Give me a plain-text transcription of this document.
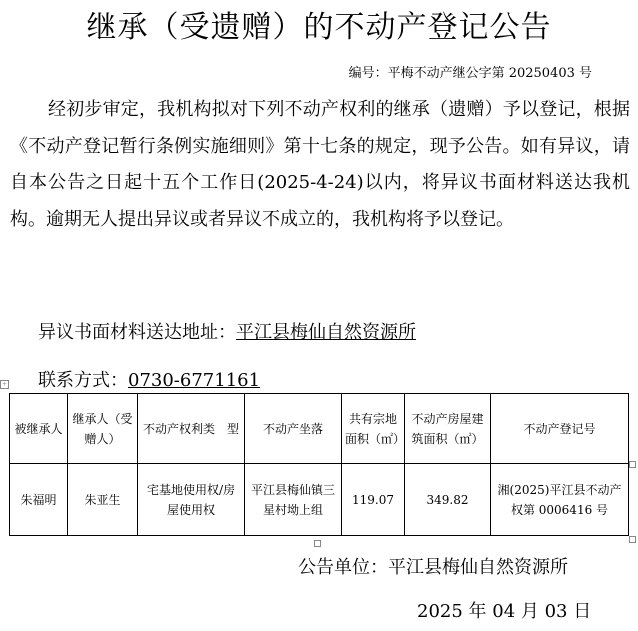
继承（受遗赠）的不动产登记公告
编号：平梅不动产继公字第 20250403 号

经初步审定，我机构拟对下列不动产权利的继承（遗赠）予以登记，根据《不动产登记暂行条例实施细则》第十七条的规定，现予公告。如有异议，请自本公告之日起十五个工作日(2025-4-24)以内，将异议书面材料送达我机构。逾期无人提出异议或者异议不成立的，我机构将予以登记。

异议书面材料送达地址：平江县梅仙自然资源所
+ 联系方式：0730-6771161
被继承人	继承人（受赠人）	不动产权利类　型	不动产坐落	共有宗地面积（㎡）	不动产房屋建筑面积（㎡）	不动产登记号
朱福明	朱亚生	宅基地使用权/房屋使用权	平江县梅仙镇三星村坳上组	119.07	349.82	湘(2025)平江县不动产权第 0006416 号
公告单位：平江县梅仙自然资源所
2025 年 04 月 03 日
